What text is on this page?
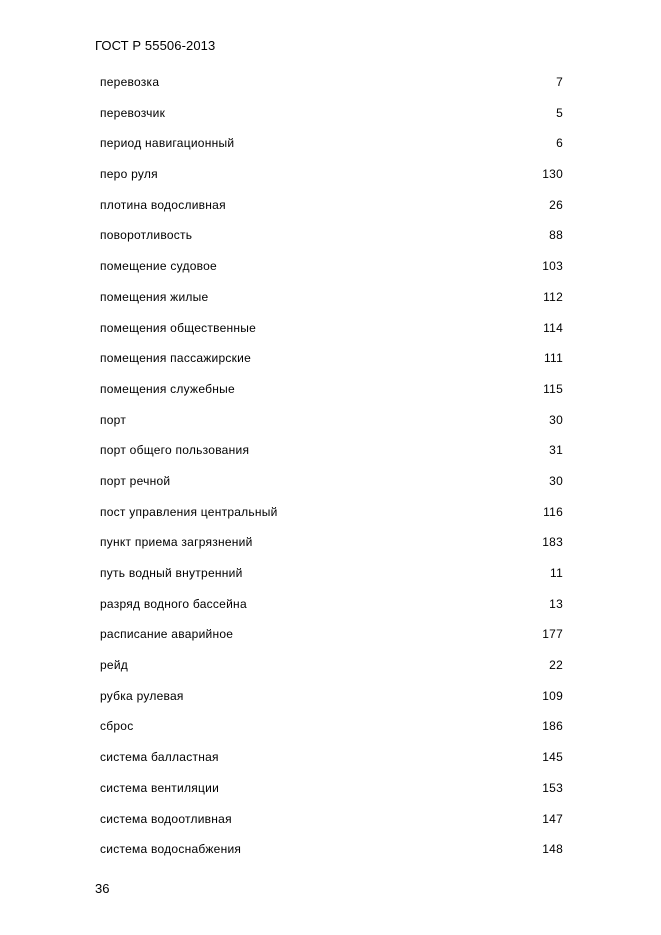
ГОСТ Р 55506-2013
перевозка	7
перевозчик	5
период навигационный	6
перо руля	130
плотина водосливная	26
поворотливость	88
помещение судовое	103
помещения жилые	112
помещения общественные	114
помещения пассажирские	111
помещения служебные	115
порт	30
порт общего пользования	31
порт речной	30
пост управления центральный	116
пункт приема загрязнений	183
путь водный внутренний	11
разряд водного бассейна	13
расписание аварийное	177
рейд	22
рубка рулевая	109
сброс	186
система балластная	145
система вентиляции	153
система водоотливная	147
система водоснабжения	148
36
